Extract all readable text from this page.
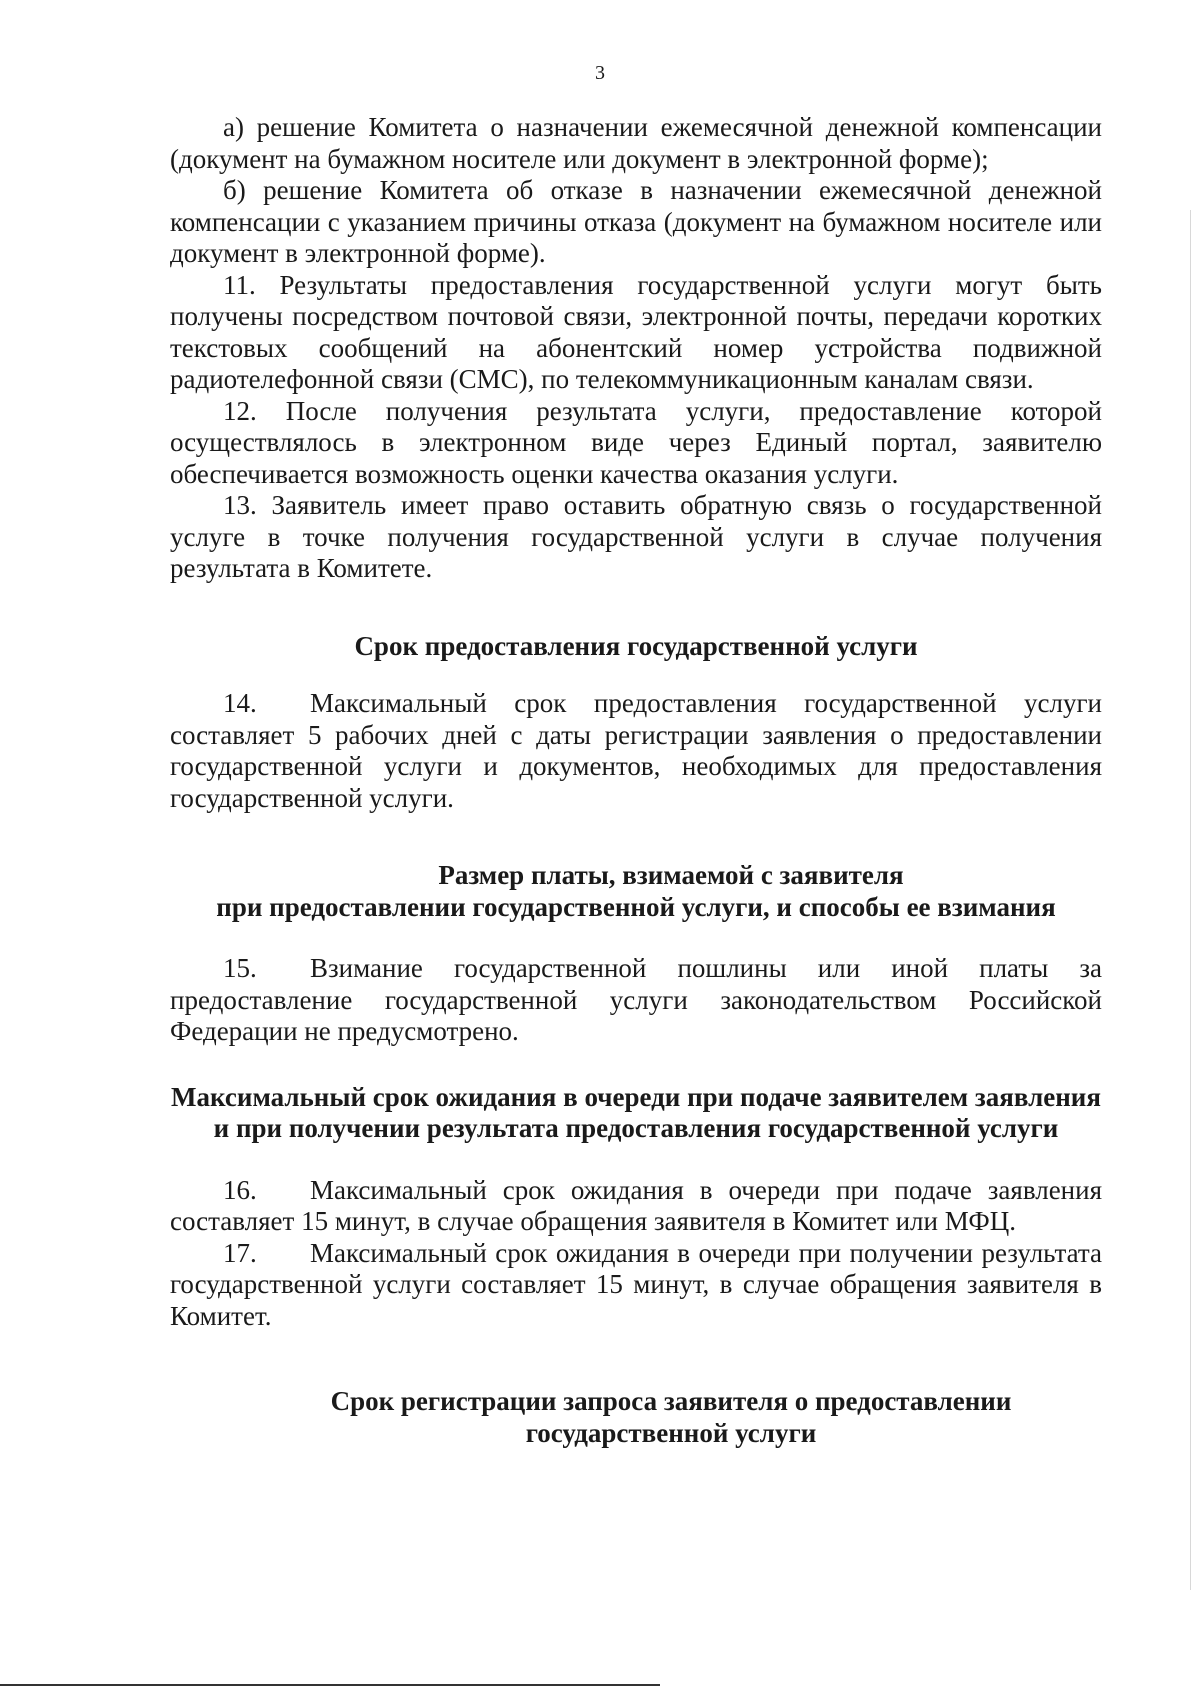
3

а) решение Комитета о назначении ежемесячной денежной компенсации (документ на бумажном носителе или документ в электронной форме);

б) решение Комитета об отказе в назначении ежемесячной денежной компенсации с указанием причины отказа (документ на бумажном носителе или документ в электронной форме).

11. Результаты предоставления государственной услуги могут быть получены посредством почтовой связи, электронной почты, передачи коротких текстовых сообщений на абонентский номер устройства подвижной радиотелефонной связи (СМС), по телекоммуникационным каналам связи.

12. После получения результата услуги, предоставление которой осуществлялось в электронном виде через Единый портал, заявителю обеспечивается возможность оценки качества оказания услуги.

13. Заявитель имеет право оставить обратную связь о государственной услуге в точке получения государственной услуги в случае получения результата в Комитете.

Срок предоставления государственной услуги

14. Максимальный срок предоставления государственной услуги составляет 5 рабочих дней с даты регистрации заявления о предоставлении государственной услуги и документов, необходимых для предоставления государственной услуги.

Размер платы, взимаемой с заявителя
при предоставлении государственной услуги, и способы ее взимания

15. Взимание государственной пошлины или иной платы за предоставление государственной услуги законодательством Российской Федерации не предусмотрено.

Максимальный срок ожидания в очереди при подаче заявителем заявления и при получении результата предоставления государственной услуги

16. Максимальный срок ожидания в очереди при подаче заявления составляет 15 минут, в случае обращения заявителя в Комитет или МФЦ.

17. Максимальный срок ожидания в очереди при получении результата государственной услуги составляет 15 минут, в случае обращения заявителя в Комитет.

Срок регистрации запроса заявителя о предоставлении
государственной услуги
